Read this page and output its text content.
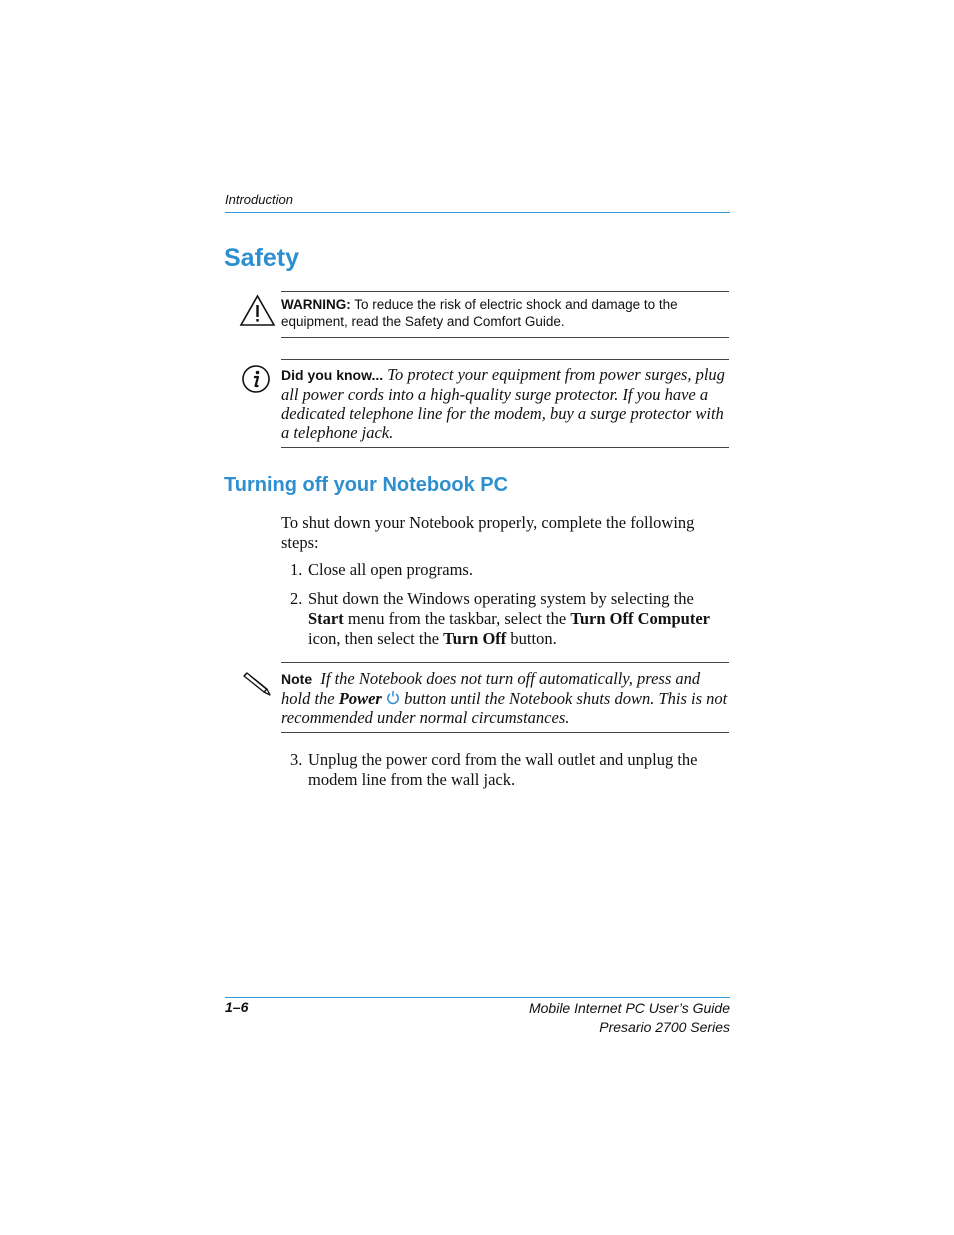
Introduction
Safety
WARNING: To reduce the risk of electric shock and damage to the equipment, read the Safety and Comfort Guide.
Did you know... To protect your equipment from power surges, plug all power cords into a high-quality surge protector. If you have a dedicated telephone line for the modem, buy a surge protector with a telephone jack.
Turning off your Notebook PC
To shut down your Notebook properly, complete the following steps:
1. Close all open programs.
2. Shut down the Windows operating system by selecting the Start menu from the taskbar, select the Turn Off Computer icon, then select the Turn Off button.
Note If the Notebook does not turn off automatically, press and hold the Power button until the Notebook shuts down. This is not recommended under normal circumstances.
3. Unplug the power cord from the wall outlet and unplug the modem line from the wall jack.
1–6	Mobile Internet PC User’s Guide
Presario 2700 Series
